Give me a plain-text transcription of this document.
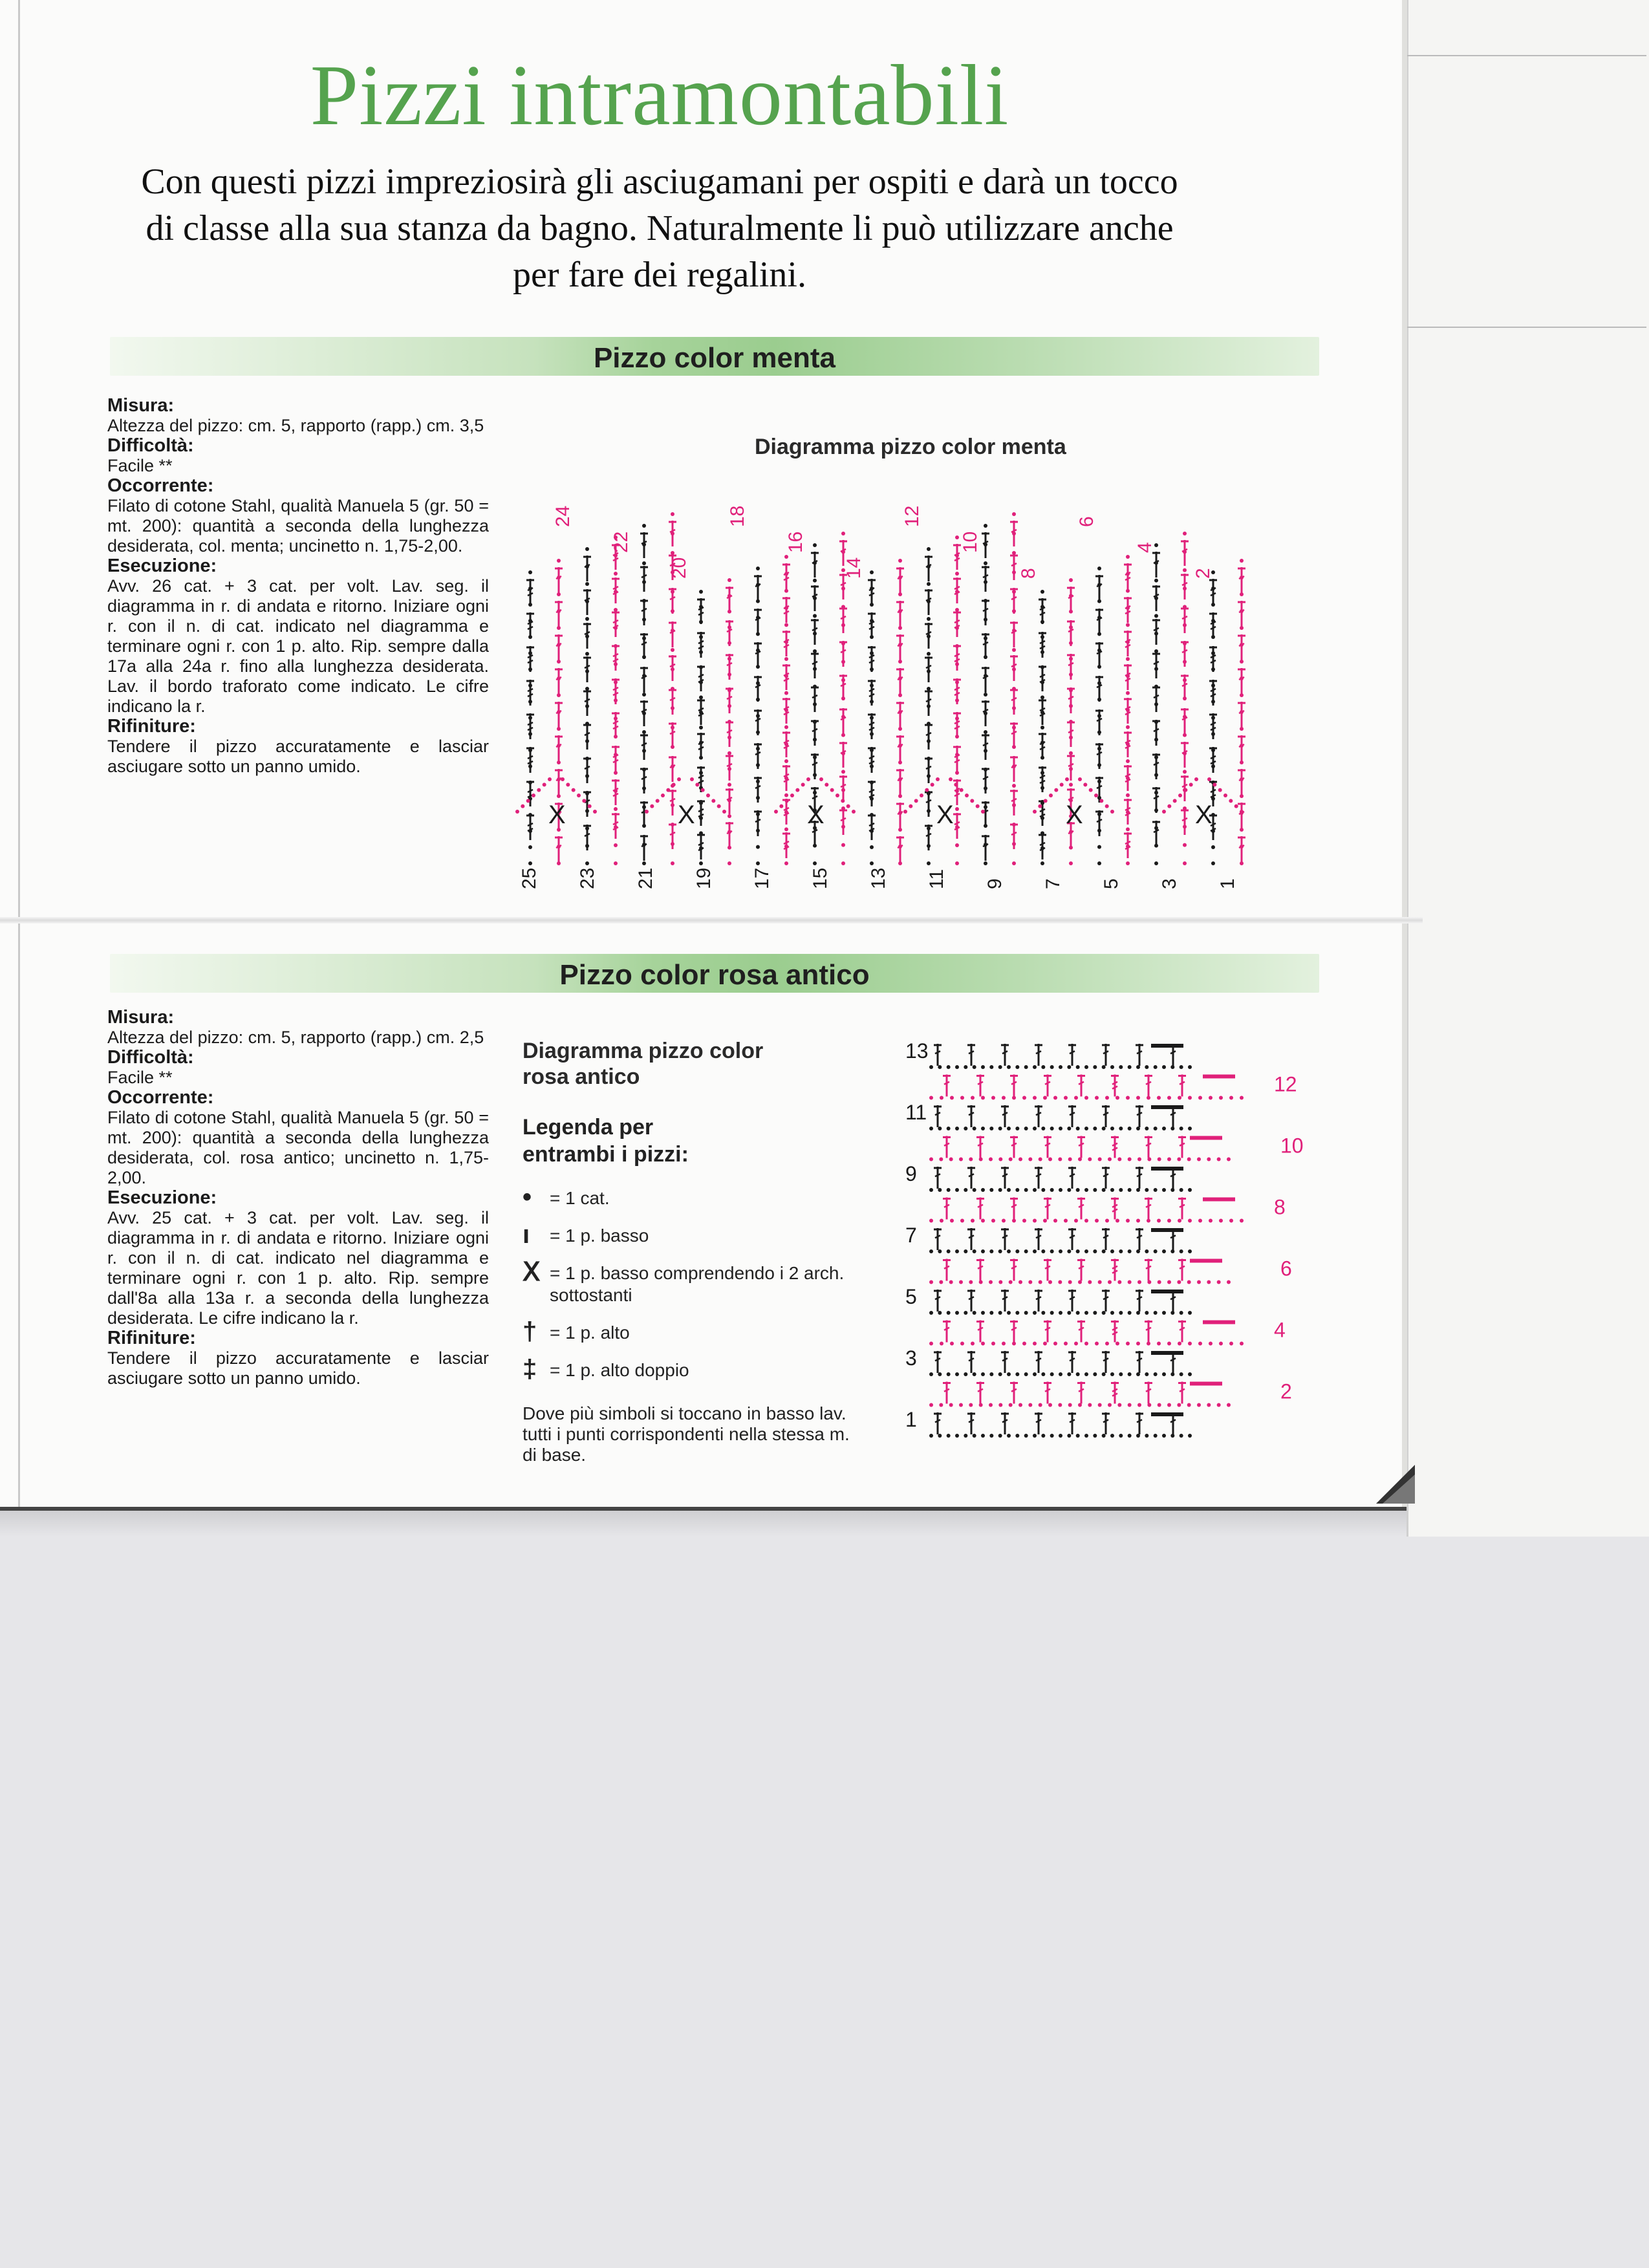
Pizzi intramontabili
Con questi pizzi impreziosirà gli asciugamani per ospiti e darà un tocco di classe alla sua stanza da bagno. Naturalmente li può utilizzare anche per fare dei regalini.
Pizzo color menta
Misura:
Altezza del pizzo: cm. 5, rapporto (rapp.) cm. 3,5
Difficoltà:
Facile **
Occorrente:
Filato di cotone Stahl, qualità Manuela 5 (gr. 50 = mt. 200): quantità a seconda della lunghezza desiderata, col. menta; uncinetto n. 1,75-2,00.
Esecuzione:
Avv. 26 cat. + 3 cat. per volt. Lav. seg. il diagramma in r. di andata e ritorno. Iniziare ogni r. con il n. di cat. indicato nel diagramma e terminare ogni r. con 1 p. alto. Rip. sempre dalla 17a alla 24a r. fino alla lunghezza desiderata. Lav. il bordo traforato come indicato. Le cifre indicano la r.
Rifiniture:
Tendere il pizzo accuratamente e lasciar asciugare sotto un panno umido.
Diagramma pizzo color menta
X	X	X	X	X	X
25 23 21 19 17 15 13 11 9 7 5 3 1
24
22
20
18
16
14
12
10
8
6
4
2
Pizzo color rosa antico
Misura:
Altezza del pizzo: cm. 5, rapporto (rapp.) cm. 2,5
Difficoltà:
Facile **
Occorrente:
Filato di cotone Stahl, qualità Manuela 5 (gr. 50 = mt. 200): quantità a seconda della lunghezza desiderata, col. rosa antico; uncinetto n. 1,75-2,00.
Esecuzione:
Avv. 25 cat. + 3 cat. per volt. Lav. seg. il diagramma in r. di andata e ritorno. Iniziare ogni r. con il n. di cat. indicato nel diagramma e terminare ogni r. con 1 p. alto. Rip. sempre dall'8a alla 13a r. a seconda della lunghezza desiderata. Le cifre indicano la r.
Rifiniture:
Tendere il pizzo accuratamente e lasciar asciugare sotto un panno umido.
Diagramma pizzo color
rosa antico
Legenda per
entrambi i pizzi:
• = 1 cat.
ı = 1 p. basso
Ⅹ = 1 p. basso comprendendo i 2 arch. sottostanti
† = 1 p. alto
‡ = 1 p. alto doppio
Dove più simboli si toccano in basso lav. tutti i punti corrispondenti nella stessa m. di base.
13
11
9
7
5
3
1
12
10
8
6
4
2
